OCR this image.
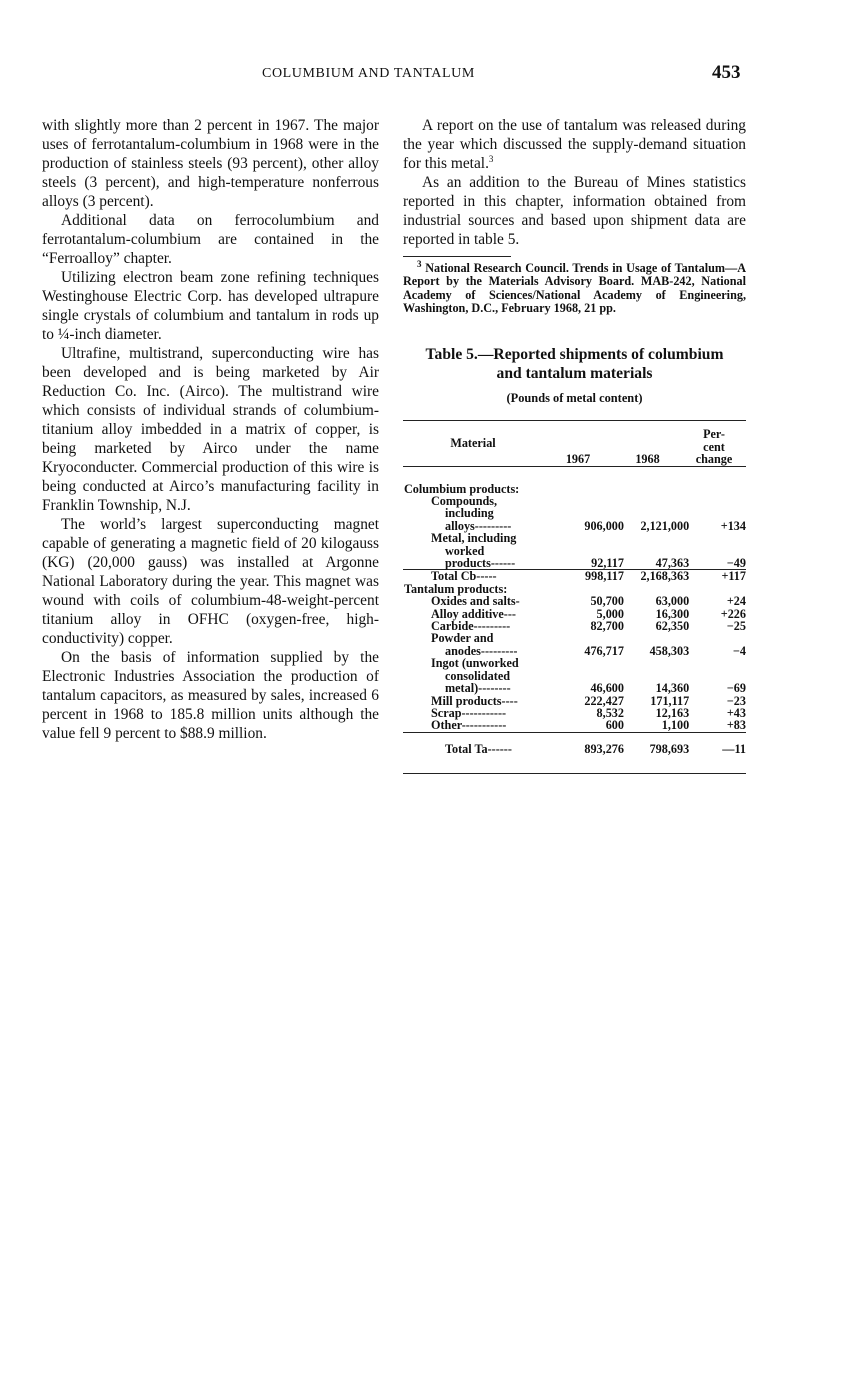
COLUMBIUM AND TANTALUM	453

with slightly more than 2 percent in 1967. The major uses of ferrotantalum-columbium in 1968 were in the production of stainless steels (93 percent), other alloy steels (3 percent), and high-temperature nonferrous alloys (3 percent).

Additional data on ferrocolumbium and ferrotantalum-columbium are contained in the “Ferroalloy” chapter.

Utilizing electron beam zone refining techniques Westinghouse Electric Corp. has developed ultrapure single crystals of columbium and tantalum in rods up to ¼-inch diameter.

Ultrafine, multistrand, superconducting wire has been developed and is being marketed by Air Reduction Co. Inc. (Airco). The multistrand wire which consists of individual strands of columbium-titanium alloy imbedded in a matrix of copper, is being marketed by Airco under the name Kryoconducter. Commercial production of this wire is being conducted at Airco’s manufacturing facility in Franklin Township, N.J.

The world’s largest superconducting magnet capable of generating a magnetic field of 20 kilogauss (KG) (20,000 gauss) was installed at Argonne National Laboratory during the year. This magnet was wound with coils of columbium-48-weight-percent titanium alloy in OFHC (oxygen-free, high-conductivity) copper.

On the basis of information supplied by the Electronic Industries Association the production of tantalum capacitors, as measured by sales, increased 6 percent in 1968 to 185.8 million units although the value fell 9 percent to $88.9 million.

A report on the use of tantalum was released during the year which discussed the supply-demand situation for this metal.$^3$

As an addition to the Bureau of Mines statistics reported in this chapter, information obtained from industrial sources and based upon shipment data are reported in table 5.

$^3$ National Research Council. Trends in Usage of Tantalum—A Report by the Materials Advisory Board. MAB-242, National Academy of Sciences/National Academy of Engineering, Washington, D.C., February 1968, 21 pp.

Table 5.—Reported shipments of columbium
and tantalum materials
(Pounds of metal content)
Material	1967	1968	
Per-
cent
change
Columbium products:			

Compounds,
including
alloys---------	906,000	2,121,000	+134

Metal, including
worked
products------	92,117	47,363	−49
Total Cb-----	998,117	2,168,363	+117
Tantalum products:			
Oxides and salts-	50,700	63,000	+24
Alloy additive---	5,000	16,300	+226
Carbide---------	82,700	62,350	−25

Powder and
anodes---------	476,717	458,303	−4

Ingot (unworked
consolidated
metal)--------	46,600	14,360	−69
Mill products----	222,427	171,117	−23
Scrap-----------	8,532	12,163	+43
Other-----------	600	1,100	+83
Total Ta------	893,276	798,693	—11
